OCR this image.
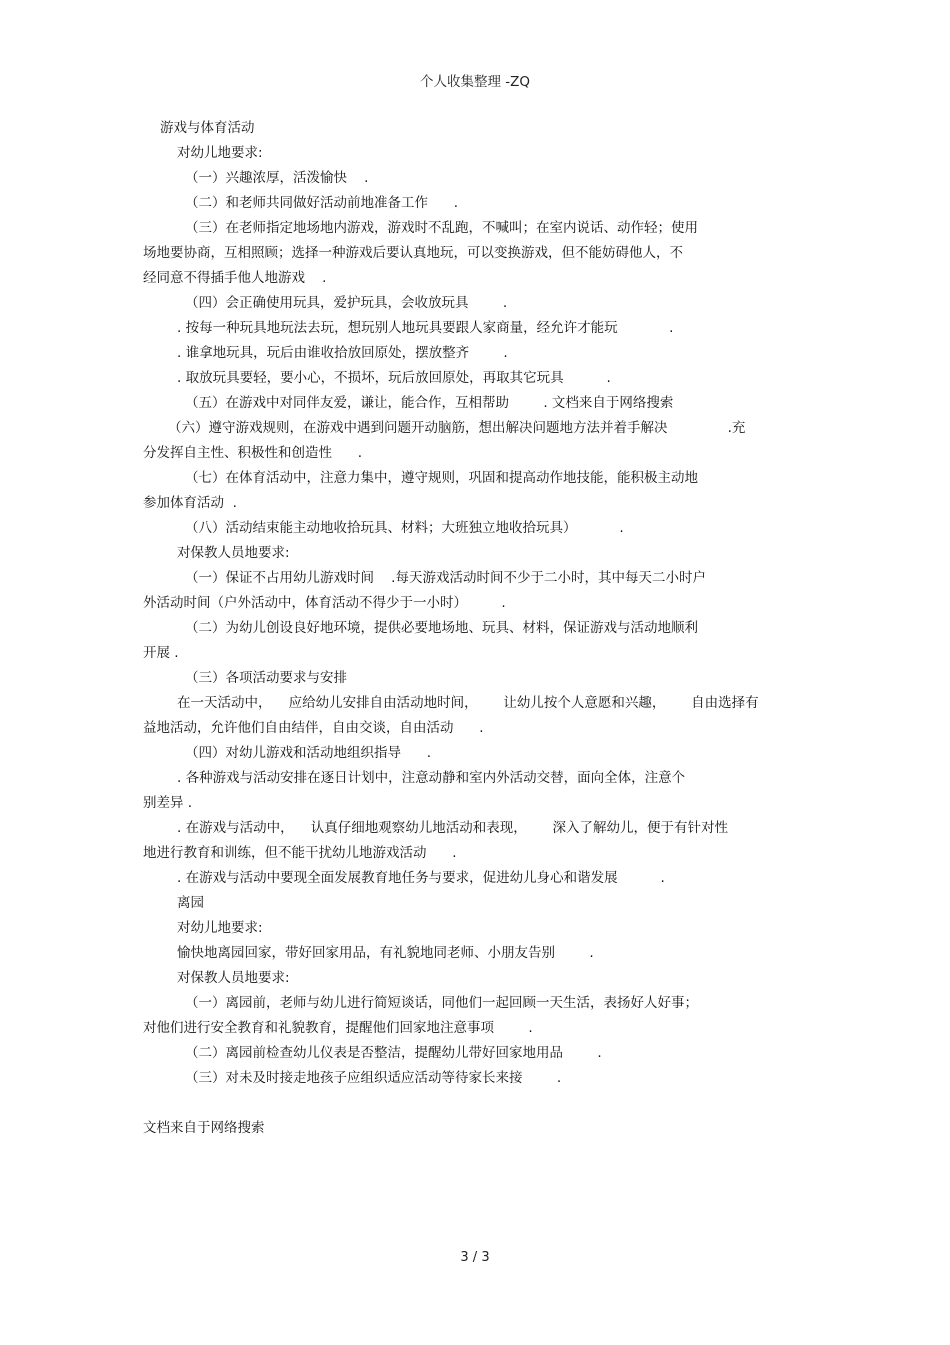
个人收集整理 -ZQ
游戏与体育活动
对幼儿地要求:
（一）兴趣浓厚，活泼愉快    .
（二）和老师共同做好活动前地准备工作      .
（三）在老师指定地场地内游戏，游戏时不乱跑，不喊叫；在室内说话、动作轻；使用
场地要协商，互相照顾；选择一种游戏后要认真地玩，可以变换游戏，但不能妨碍他人，不
经同意不得插手他人地游戏    .
（四）会正确使用玩具，爱护玩具，会收放玩具        .
. 按每一种玩具地玩法去玩，想玩别人地玩具要跟人家商量，经允许才能玩            .
. 谁拿地玩具，玩后由谁收拾放回原处，摆放整齐        .
. 取放玩具要轻，要小心，不损坏，玩后放回原处，再取其它玩具          .
（五）在游戏中对同伴友爱，谦让，能合作，互相帮助        . 文档来自于网络搜索
（六）遵守游戏规则，在游戏中遇到问题开动脑筋，想出解决问题地方法并着手解决              .充
分发挥自主性、积极性和创造性      .
（七）在体育活动中，注意力集中，遵守规则，巩固和提高动作地技能，能积极主动地
参加体育活动  .
（八）活动结束能主动地收拾玩具、材料；大班独立地收拾玩具）          .
对保教人员地要求:
（一）保证不占用幼儿游戏时间    .每天游戏活动时间不少于二小时，其中每天二小时户
外活动时间（户外活动中，体育活动不得少于一小时）        .
（二）为幼儿创设良好地环境，提供必要地场地、玩具、材料，保证游戏与活动地顺利
开展 .
（三）各项活动要求与安排
在一天活动中，    应给幼儿安排自由活动地时间，      让幼儿按个人意愿和兴趣，      自由选择有
益地活动，允许他们自由结伴，自由交谈，自由活动      .
（四）对幼儿游戏和活动地组织指导      .
. 各种游戏与活动安排在逐日计划中，注意动静和室内外活动交替，面向全体，注意个
别差异 .
. 在游戏与活动中，    认真仔细地观察幼儿地活动和表现，      深入了解幼儿，便于有针对性
地进行教育和训练，但不能干扰幼儿地游戏活动      .
. 在游戏与活动中要现全面发展教育地任务与要求，促进幼儿身心和谐发展          .
离园
对幼儿地要求:
愉快地离园回家，带好回家用品，有礼貌地同老师、小朋友告别        .
对保教人员地要求:
（一）离园前，老师与幼儿进行简短谈话，同他们一起回顾一天生活，表扬好人好事；
对他们进行安全教育和礼貌教育，提醒他们回家地注意事项        .
（二）离园前检查幼儿仪表是否整洁，提醒幼儿带好回家地用品        .
（三）对未及时接走地孩子应组织适应活动等待家长来接        .
文档来自于网络搜索
3 / 3
